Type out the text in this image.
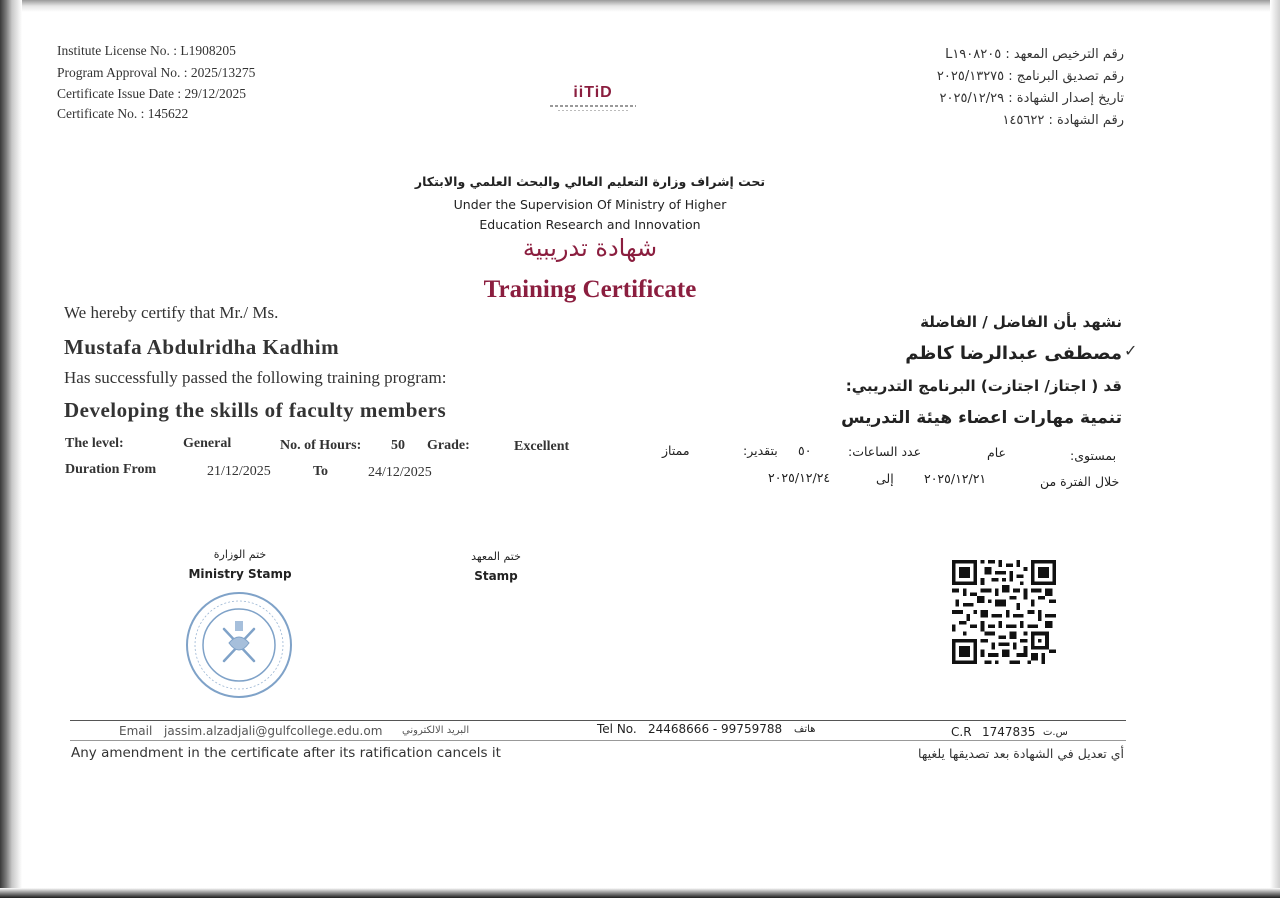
Institute License No. : L1908205
Program Approval No. : 2025/13275
Certificate Issue Date : 29/12/2025
Certificate No. : 145622
رقم الترخيص المعهد : L١٩٠٨٢٠٥
رقم تصديق البرنامج : ٢٠٢٥/١٣٢٧٥
تاريخ إصدار الشهادة : ٢٠٢٥/١٢/٢٩
رقم الشهادة : ١٤٥٦٢٢
iiTiD
تحت إشراف وزارة التعليم العالي والبحث العلمي والابتكار
Under the Supervision Of Ministry of Higher Education Research and Innovation
شهادة تدريبية
Training Certificate
We hereby certify that Mr./ Ms.	نشهد بأن الفاضل / الفاضلة
Mustafa Abdulridha Kadhim	مصطفى عبدالرضا كاظم ✓
Has successfully passed the following training program:	قد ( اجتاز/ اجتازت) البرنامج التدريبي:
Developing the skills of faculty members	تنمية مهارات اعضاء هيئة التدريس
The level:	General	No. of Hours: 50 Grade:	Excellent
Duration From	21/12/2025	To	24/12/2025
ممتاز	بتقدير: ٥٠	عدد الساعات:	عام	بمستوى:
٢٠٢٥/١٢/٢٤	إلى ٢٠٢٥/١٢/٢١	خلال الفترة من
ختم الوزارة
Ministry Stamp
ختم المعهد
Stamp
Email jassim.alzadjali@gulfcollege.edu.om البريد الالكتروني	Tel No. 24468666 - 99759788 هاتف	C.R 1747835 س.ت
Any amendment in the certificate after its ratification cancels it	أي تعديل في الشهادة بعد تصديقها يلغيها
